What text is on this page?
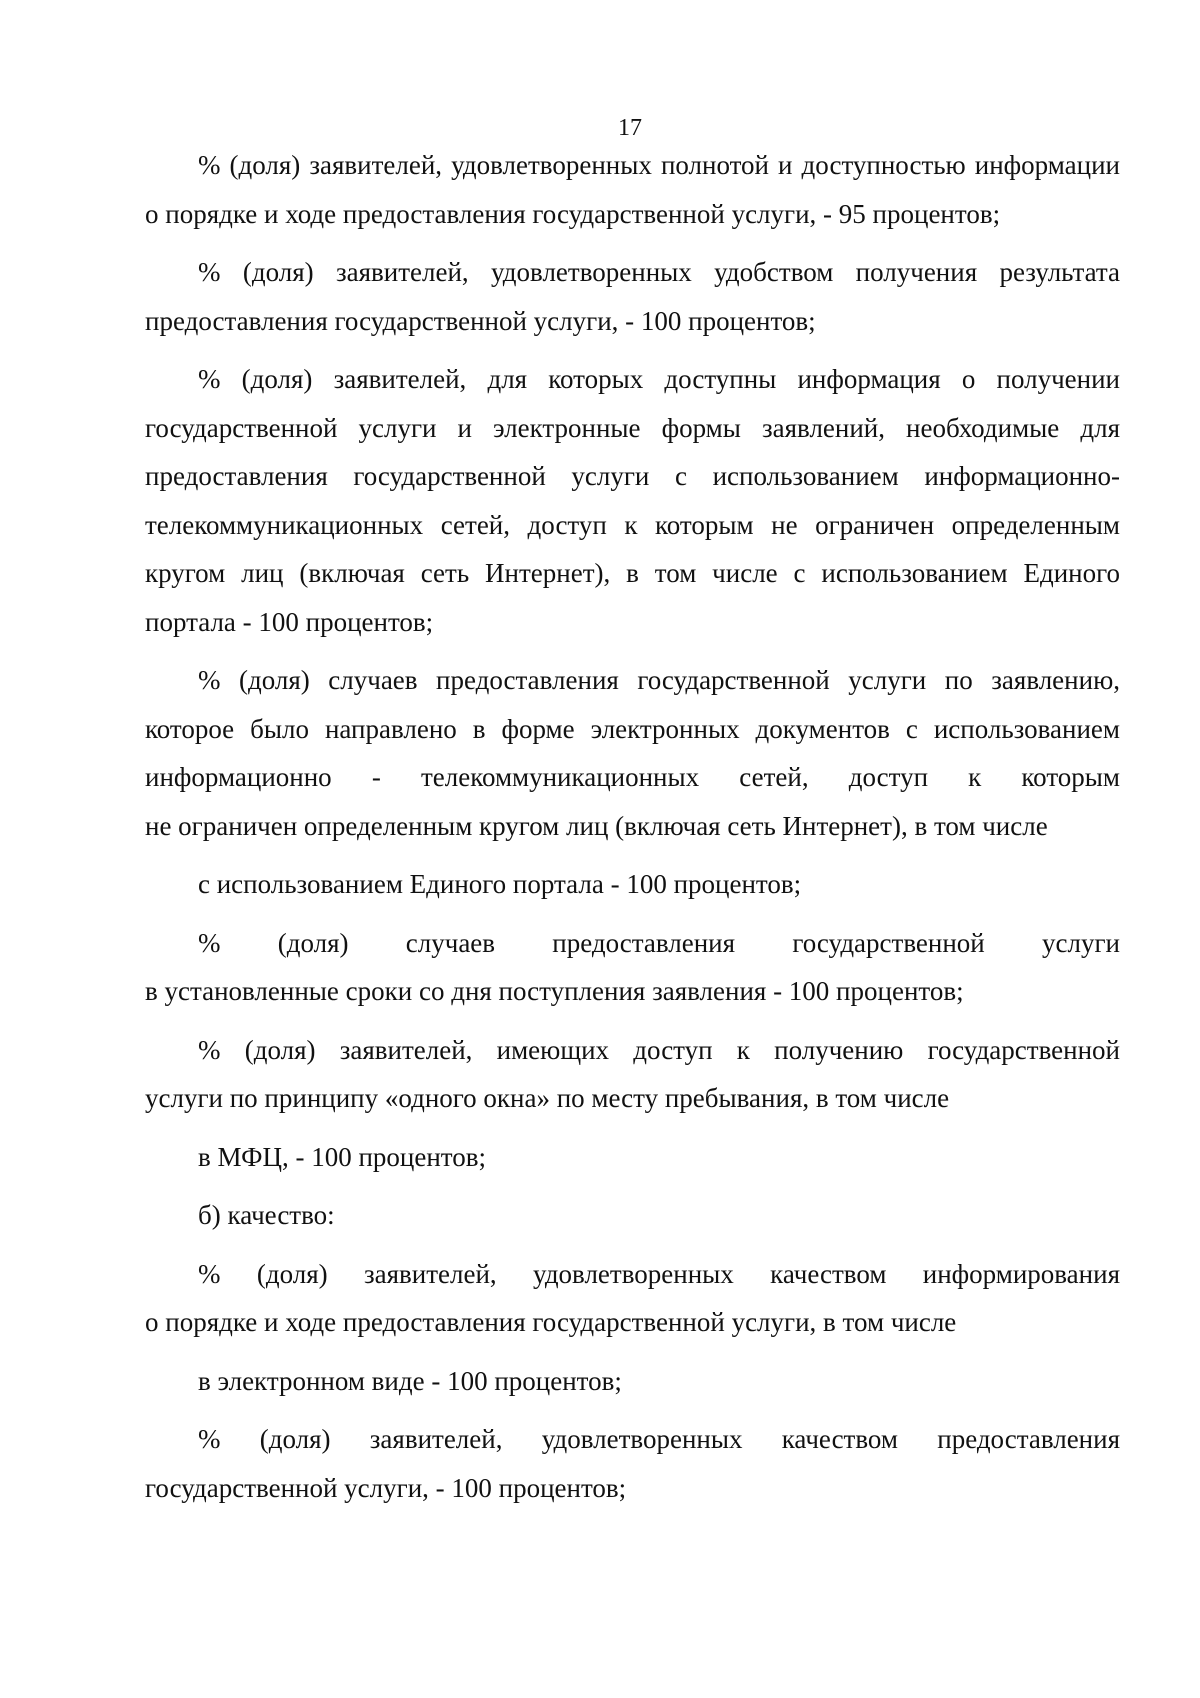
17

% (доля) заявителей, удовлетворенных полнотой и доступностью информации о порядке и ходе предоставления государственной услуги, - 95 процентов;

% (доля) заявителей, удовлетворенных удобством получения результата предоставления государственной услуги, - 100 процентов;

% (доля) заявителей, для которых доступны информация о получении государственной услуги и электронные формы заявлений, необходимые для предоставления государственной услуги с использованием информационно-телекоммуникационных сетей, доступ к которым не ограничен определенным кругом лиц (включая сеть Интернет), в том числе с использованием Единого портала - 100 процентов;

% (доля) случаев предоставления государственной услуги по заявлению,
которое было направлено в форме электронных документов с использованием
информационно - телекоммуникационных сетей, доступ к которым
не ограничен определенным кругом лиц (включая сеть Интернет), в том числе

с использованием Единого портала - 100 процентов;

% (доля) случаев предоставления государственной услуги
в установленные сроки со дня поступления заявления - 100 процентов;

% (доля) заявителей, имеющих доступ к получению государственной
услуги по принципу «одного окна» по месту пребывания, в том числе

в МФЦ, - 100 процентов;

б) качество:

% (доля) заявителей, удовлетворенных качеством информирования
о порядке и ходе предоставления государственной услуги, в том числе

в электронном виде - 100 процентов;

% (доля) заявителей, удовлетворенных качеством предоставления
государственной услуги, - 100 процентов;
